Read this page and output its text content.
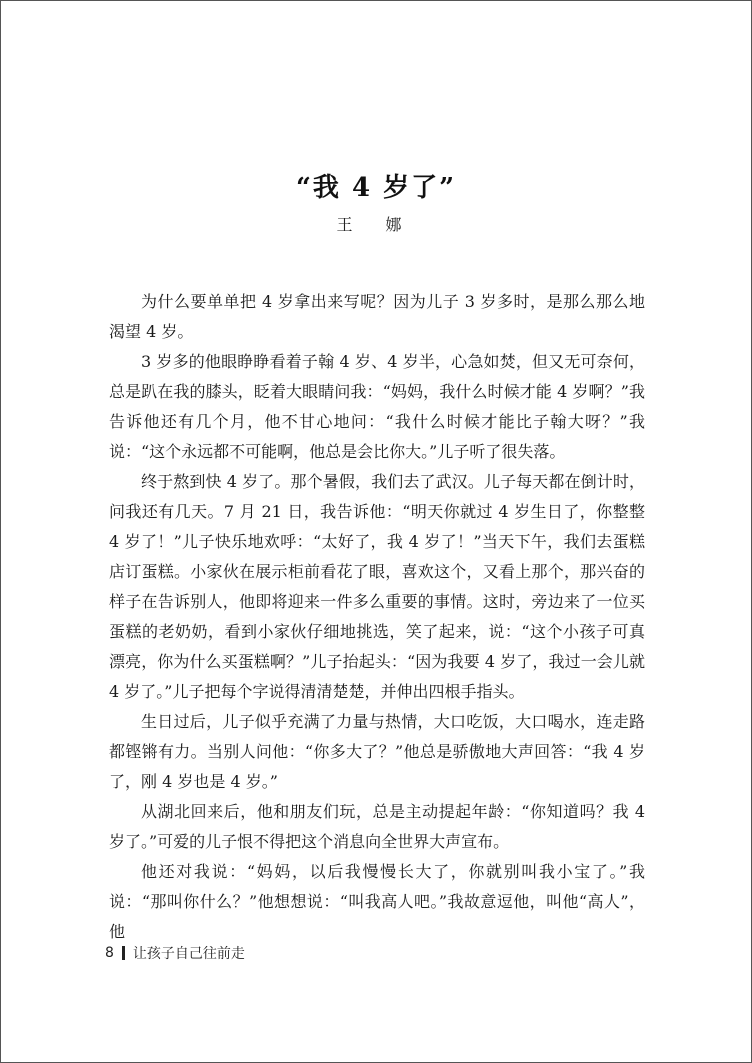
“我 4 岁了”
王 娜

为什么要单单把 4 岁拿出来写呢？因为儿子 3 岁多时，是那么那么地渴望 4 岁。

3 岁多的他眼睁睁看着子翰 4 岁、4 岁半，心急如焚，但又无可奈何，总是趴在我的膝头，眨着大眼睛问我：“妈妈，我什么时候才能 4 岁啊？”我告诉他还有几个月，他不甘心地问：“我什么时候才能比子翰大呀？”我说：“这个永远都不可能啊，他总是会比你大。”儿子听了很失落。

终于熬到快 4 岁了。那个暑假，我们去了武汉。儿子每天都在倒计时，问我还有几天。7 月 21 日，我告诉他：“明天你就过 4 岁生日了，你整整 4 岁了！”儿子快乐地欢呼：“太好了，我 4 岁了！”当天下午，我们去蛋糕店订蛋糕。小家伙在展示柜前看花了眼，喜欢这个，又看上那个，那兴奋的样子在告诉别人，他即将迎来一件多么重要的事情。这时，旁边来了一位买蛋糕的老奶奶，看到小家伙仔细地挑选，笑了起来，说：“这个小孩子可真漂亮，你为什么买蛋糕啊？”儿子抬起头：“因为我要 4 岁了，我过一会儿就 4 岁了。”儿子把每个字说得清清楚楚，并伸出四根手指头。

生日过后，儿子似乎充满了力量与热情，大口吃饭，大口喝水，连走路都铿锵有力。当别人问他：“你多大了？”他总是骄傲地大声回答：“我 4 岁了，刚 4 岁也是 4 岁。”

从湖北回来后，他和朋友们玩，总是主动提起年龄：“你知道吗？我 4 岁了。”可爱的儿子恨不得把这个消息向全世界大声宣布。

他还对我说：“妈妈，以后我慢慢长大了，你就别叫我小宝了。”我说：“那叫你什么？”他想想说：“叫我高人吧。”我故意逗他，叫他“高人”，他

8 让孩子自己往前走
